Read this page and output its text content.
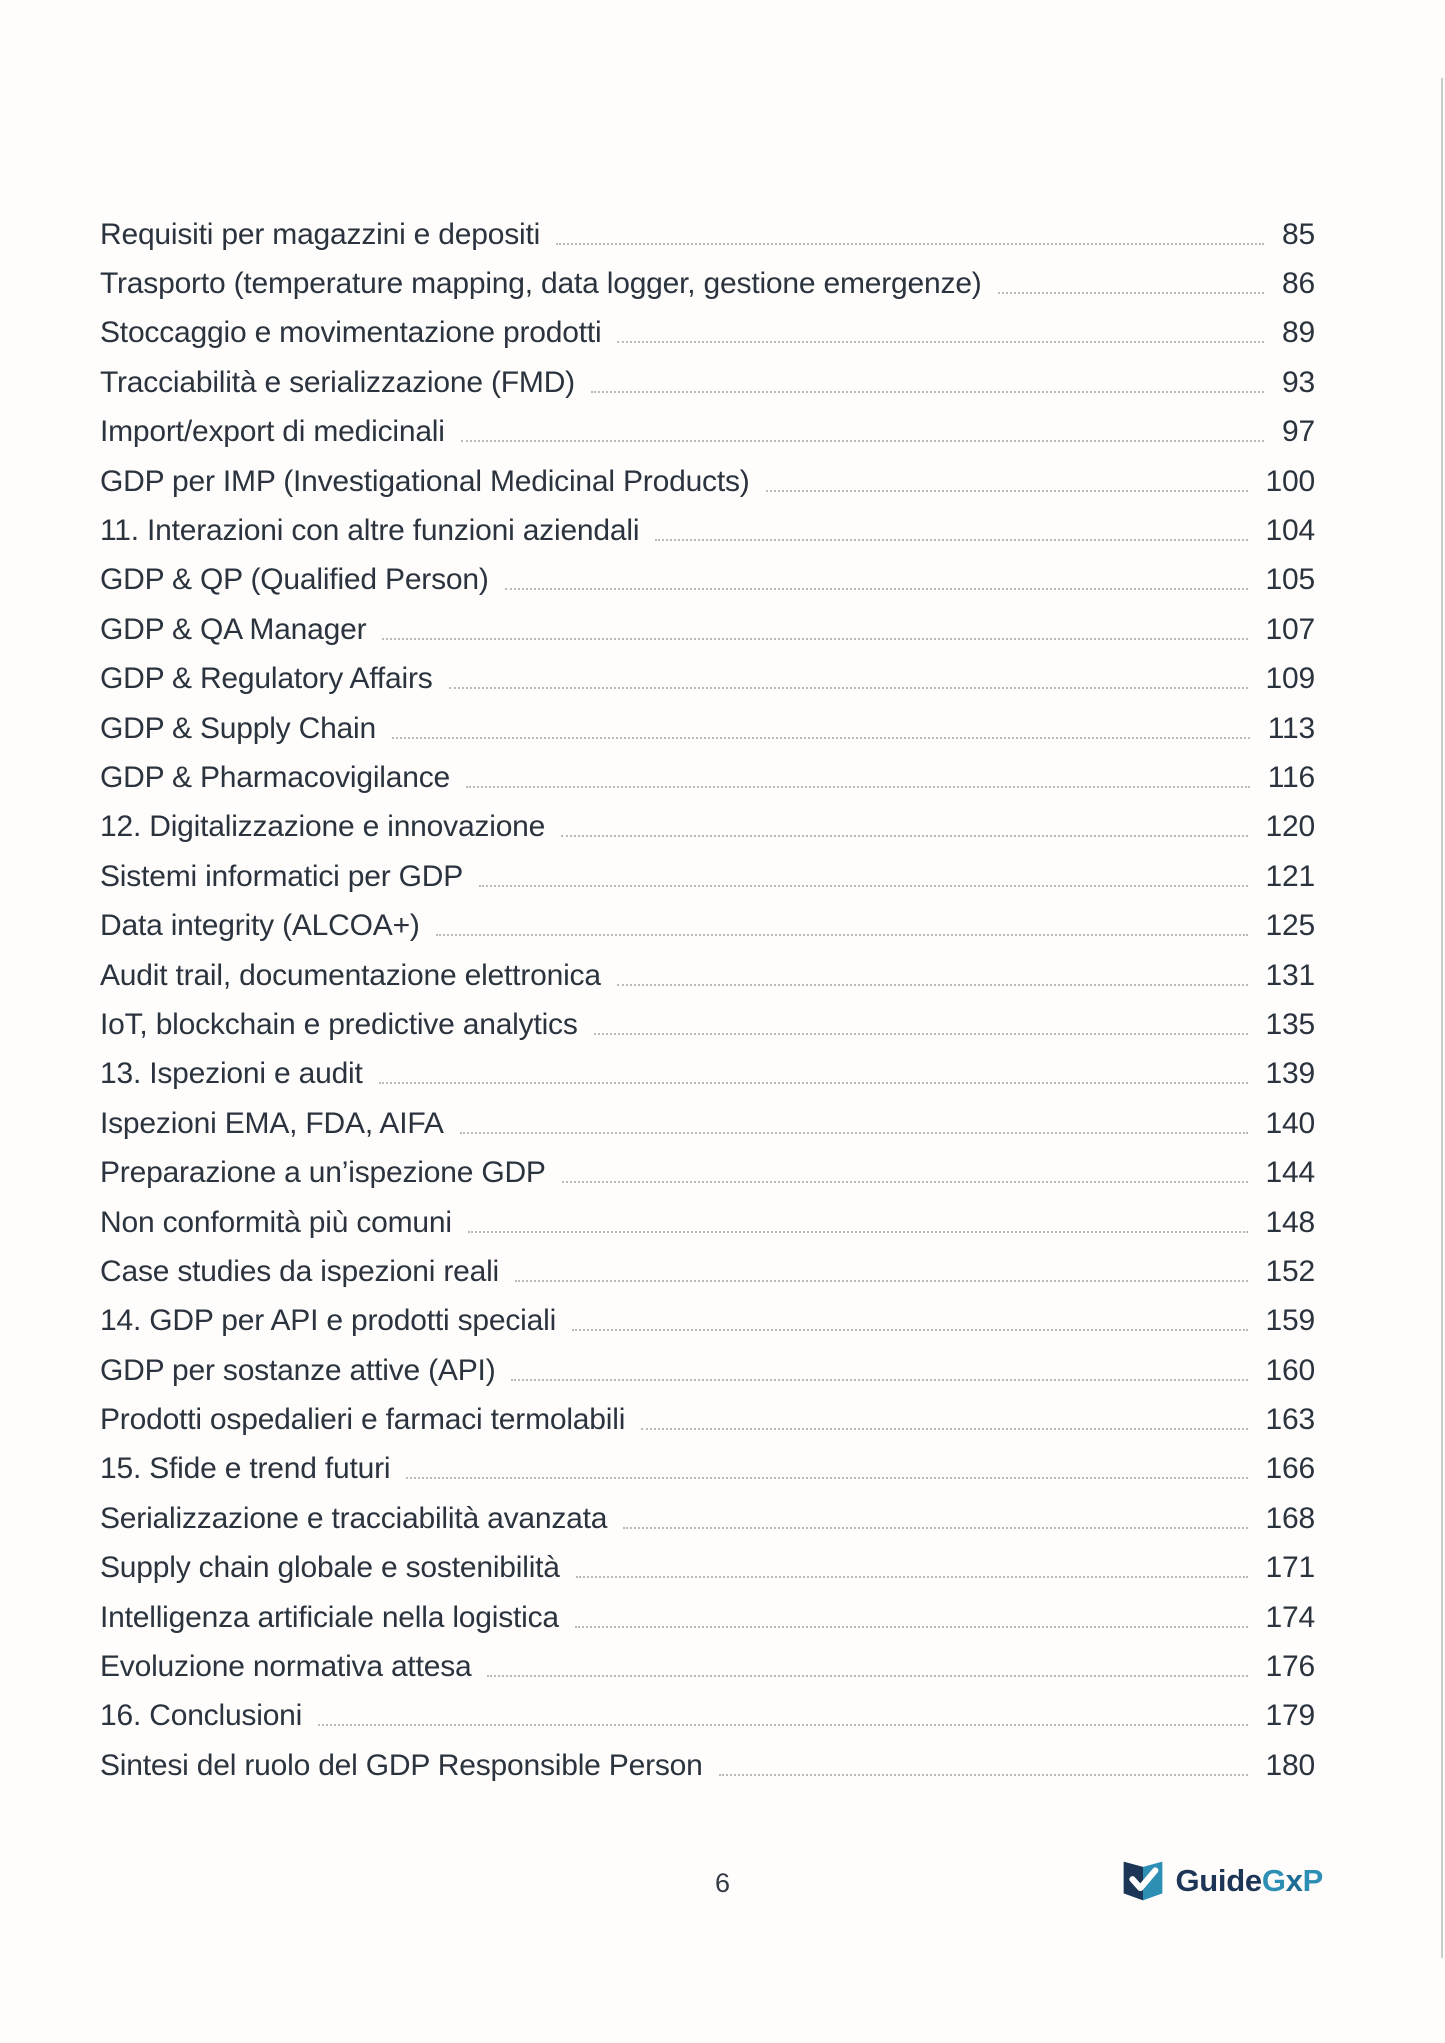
Requisiti per magazzini e depositi	85
Trasporto (temperature mapping, data logger, gestione emergenze)	86
Stoccaggio e movimentazione prodotti	89
Tracciabilità e serializzazione (FMD)	93
Import/export di medicinali	97
GDP per IMP (Investigational Medicinal Products)	100
11. Interazioni con altre funzioni aziendali	104
GDP & QP (Qualified Person)	105
GDP & QA Manager	107
GDP & Regulatory Affairs	109
GDP & Supply Chain	113
GDP & Pharmacovigilance	116
12. Digitalizzazione e innovazione	120
Sistemi informatici per GDP	121
Data integrity (ALCOA+)	125
Audit trail, documentazione elettronica	131
IoT, blockchain e predictive analytics	135
13. Ispezioni e audit	139
Ispezioni EMA, FDA, AIFA	140
Preparazione a un’ispezione GDP	144
Non conformità più comuni	148
Case studies da ispezioni reali	152
14. GDP per API e prodotti speciali	159
GDP per sostanze attive (API)	160
Prodotti ospedalieri e farmaci termolabili	163
15. Sfide e trend futuri	166
Serializzazione e tracciabilità avanzata	168
Supply chain globale e sostenibilità	171
Intelligenza artificiale nella logistica	174
Evoluzione normativa attesa	176
16. Conclusioni	179
Sintesi del ruolo del GDP Responsible Person	180
6	GuideGxP
